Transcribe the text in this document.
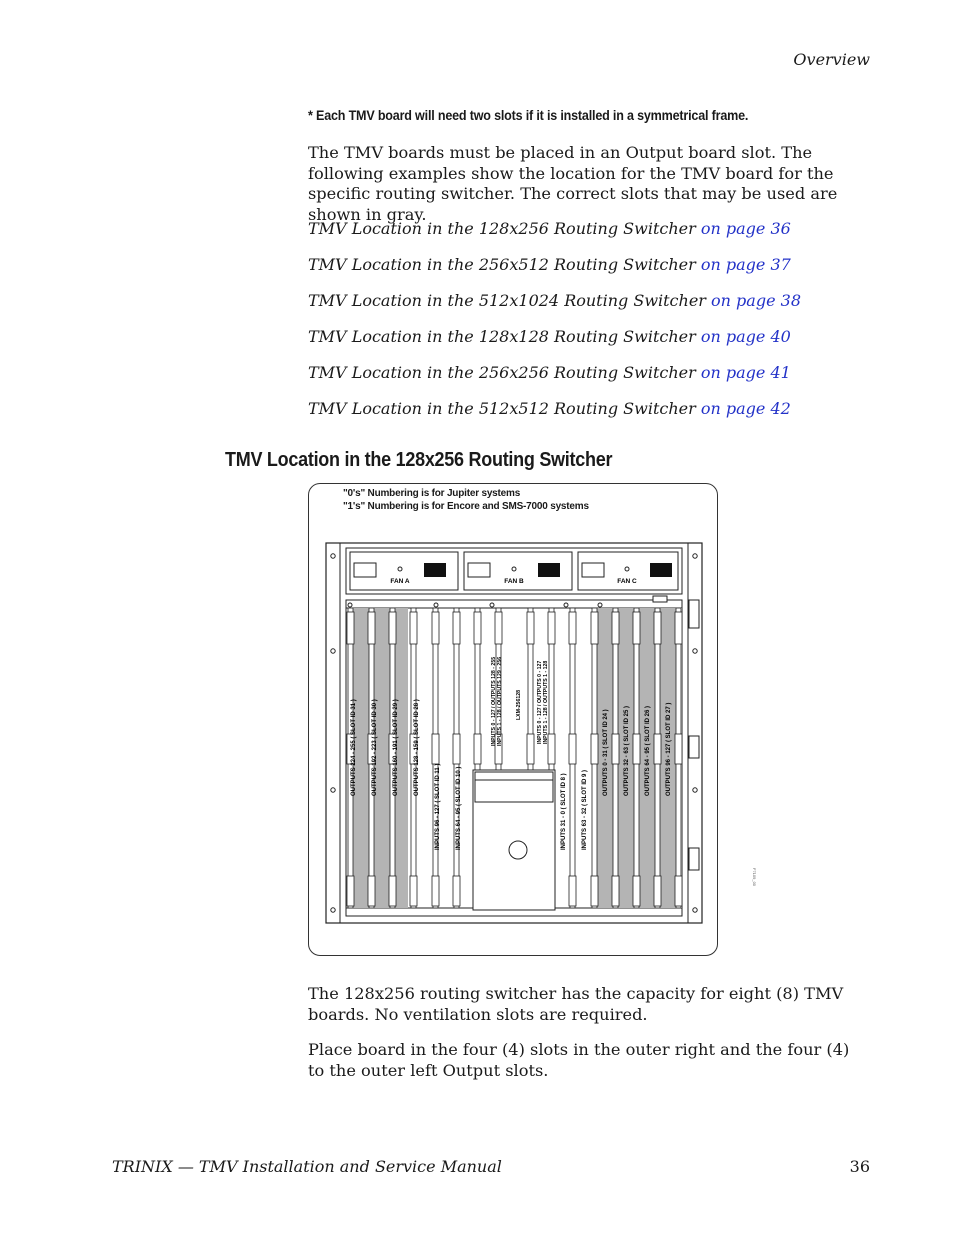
Overview
* Each TMV board will need two slots if it is installed in a symmetrical frame.
The TMV boards must be placed in an Output board slot. The following examples show the location for the TMV board for the specific routing switcher. The correct slots that may be used are shown in gray.
TMV Location in the 128x256 Routing Switcher on page 36
TMV Location in the 256x512 Routing Switcher on page 37
TMV Location in the 512x1024 Routing Switcher on page 38
TMV Location in the 128x128 Routing Switcher on page 40
TMV Location in the 256x256 Routing Switcher on page 41
TMV Location in the 512x512 Routing Switcher on page 42
TMV Location in the 128x256 Routing Switcher
"0's" Numbering is for Jupiter systems
"1's" Numbering is for Encore and SMS-7000 systems
FAN A	FAN B	FAN C
INPUTS 0 - 127 / OUTPUTS 128 - 255 INPUTS 1 - 128 / OUTPUTS 129 - 256	LXM-256128	INPUTS 0 - 127 / OUTPUTS 0 - 127 INPUTS 1 - 128 / OUTPUTS 1 - 128
OUTPUTS 224 - 255 ( SLOT ID 31 )	OUTPUTS 192 - 223 ( SLOT ID 30 )	OUTPUTS 160 - 191 ( SLOT ID 29 )	OUTPUTS 128 - 159 ( SLOT ID 28 )
INPUTS 96 - 127 ( SLOT ID 11 )	INPUTS 64 - 95 ( SLOT ID 10 )	INPUTS 31 - 0 ( SLOT ID 8 )	INPUTS 63 - 32 ( SLOT ID 9 )
OUTPUTS 0 - 31 ( SLOT ID 24 )	OUTPUTS 32 - 63 ( SLOT ID 25 )	OUTPUTS 64 - 95 ( SLOT ID 26 )	OUTPUTS 96 - 127 ( SLOT ID 27 )
F7109_00
The 128x256 routing switcher has the capacity for eight (8) TMV boards. No ventilation slots are required.
Place board in the four (4) slots in the outer right and the four (4) to the outer left Output slots.
TRINIX — TMV Installation and Service Manual	36
